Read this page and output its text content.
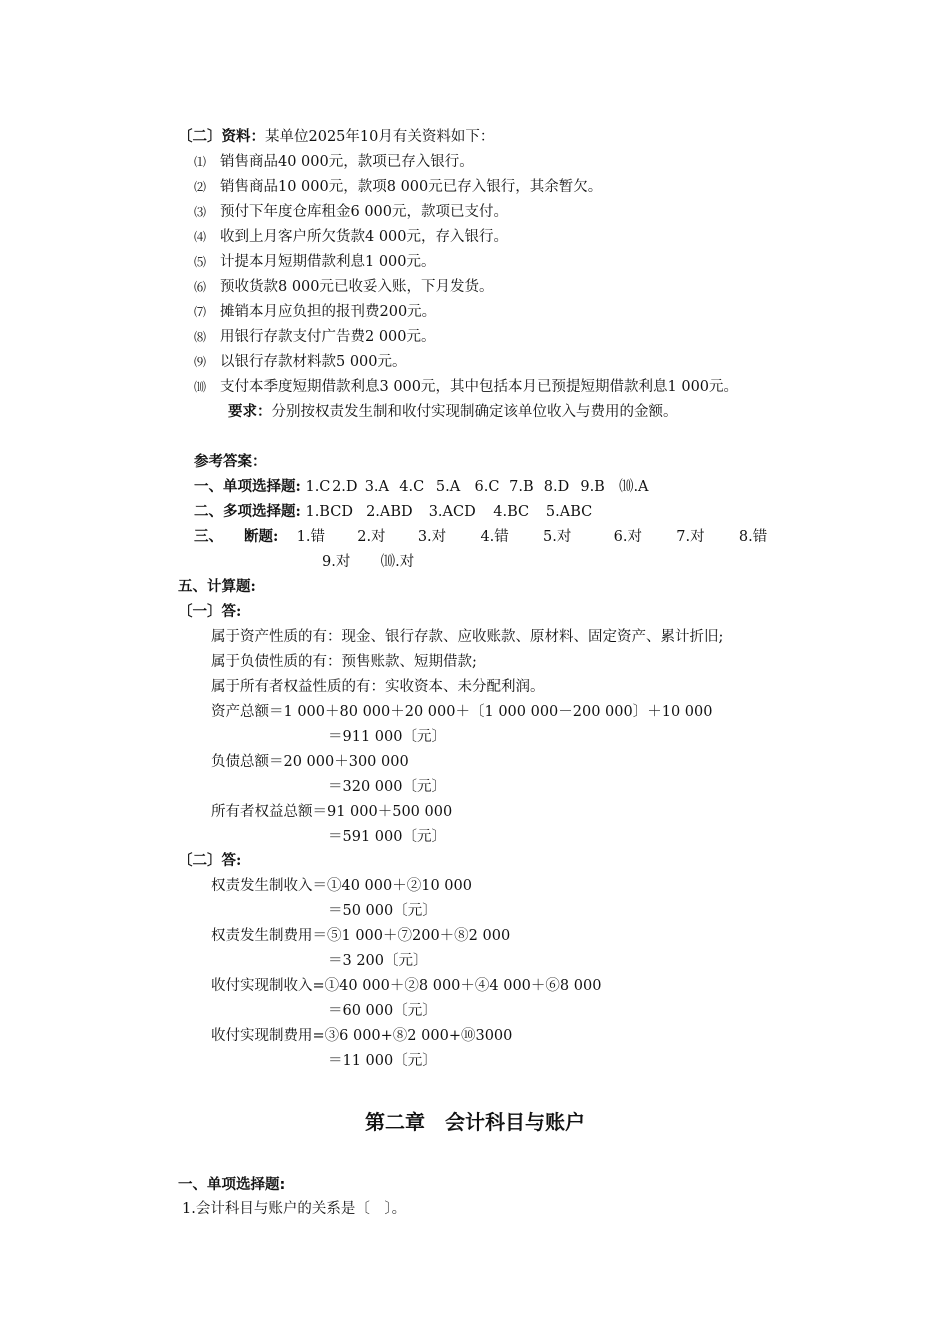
〔二〕资料：某单位2025年10月有关资料如下：
⑴ 销售商品40 000元，款项已存入银行。
⑵ 销售商品10 000元，款项8 000元已存入银行，其余暂欠。
⑶ 预付下年度仓库租金6 000元，款项已支付。
⑷ 收到上月客户所欠货款4 000元，存入银行。
⑸ 计提本月短期借款利息1 000元。
⑹ 预收货款8 000元已收妥入账，下月发货。
⑺ 摊销本月应负担的报刊费200元。
⑻ 用银行存款支付广告费2 000元。
⑼ 以银行存款材料款5 000元。
⑽ 支付本季度短期借款利息3 000元，其中包括本月已预提短期借款利息1 000元。
要求：分别按权责发生制和收付实现制确定该单位收入与费用的金额。
参考答案：
一、单项选择题: 1.C 2.D 3.A 4.C 5.A 6.C 7.B 8.D 9.B ⑽.A
二、多项选择题: 1.BCD 2.ABD 3.ACD 4.BC 5.ABC
三、 断题: 1.错 2.对 3.对 4.错 5.对	6.对 7.对 8.错
9.对 ⑽.对
五、计算题:
〔一〕答:
属于资产性质的有：现金、银行存款、应收账款、原材料、固定资产、累计折旧;
属于负债性质的有：预售账款、短期借款;
属于所有者权益性质的有：实收资本、未分配利润。
资产总额＝1 000＋80 000＋20 000＋〔1 000 000－200 000〕＋10 000
＝911 000〔元〕
负债总额＝20 000＋300 000
＝320 000〔元〕
所有者权益总额＝91 000＋500 000
＝591 000〔元〕
〔二〕答:
权责发生制收入＝①40 000＋②10 000
＝50 000〔元〕
权责发生制费用＝⑤1 000＋⑦200＋⑧2 000
＝3 200〔元〕
收付实现制收入=①40 000＋②8 000＋④4 000＋⑥8 000
＝60 000〔元〕
收付实现制费用=③6 000+⑧2 000+⑩3000
＝11 000〔元〕
第二章　会计科目与账户
一、单项选择题:
1.会计科目与账户的关系是〔　〕。
